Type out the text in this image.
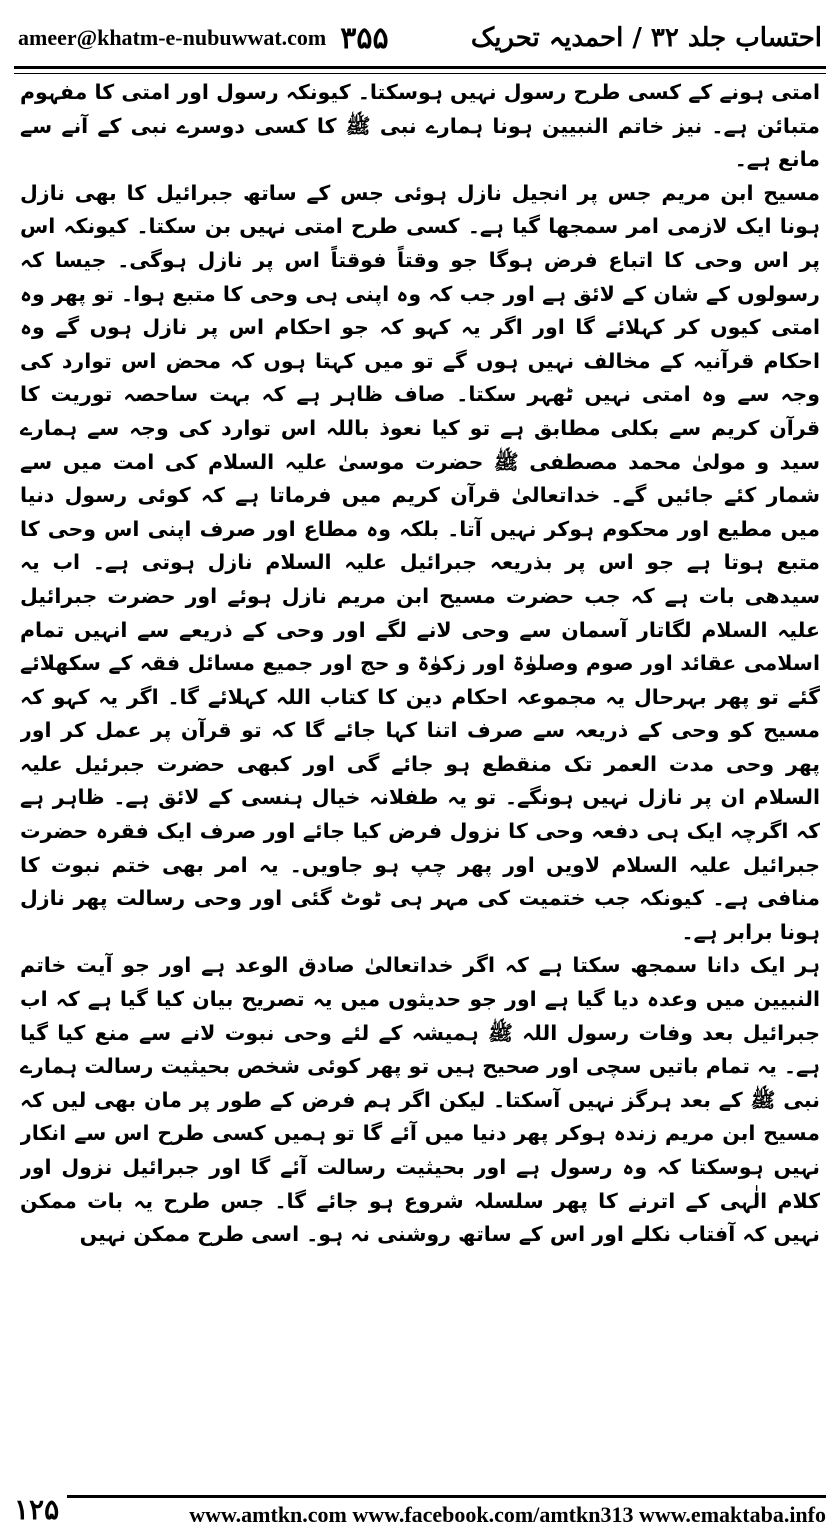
ameer@khatm-e-nubuwwat.com ۳۵۵	احتساب جلد ۳۲ / احمدیہ تحریک

امتی ہونے کے کسی طرح رسول نہیں ہوسکتا۔ کیونکہ رسول اور امتی کا مفہوم متبائن ہے۔ نیز خاتم النبیین ہونا ہمارے نبی ﷺ کا کسی دوسرے نبی کے آنے سے مانع ہے۔

مسیح ابن مریم جس پر انجیل نازل ہوئی جس کے ساتھ جبرائیل کا بھی نازل ہونا ایک لازمی امر سمجھا گیا ہے۔ کسی طرح امتی نہیں بن سکتا۔ کیونکہ اس پر اس وحی کا اتباع فرض ہوگا جو وقتاً فوقتاً اس پر نازل ہوگی۔ جیسا کہ رسولوں کے شان کے لائق ہے اور جب کہ وہ اپنی ہی وحی کا متبع ہوا۔ تو پھر وہ امتی کیوں کر کہلائے گا اور اگر یہ کہو کہ جو احکام اس پر نازل ہوں گے وہ احکام قرآنیہ کے مخالف نہیں ہوں گے تو میں کہتا ہوں کہ محض اس توارد کی وجہ سے وہ امتی نہیں ٹھہر سکتا۔ صاف ظاہر ہے کہ بہت ساحصہ توریت کا قرآن کریم سے بکلی مطابق ہے تو کیا نعوذ باللہ اس توارد کی وجہ سے ہمارے سید و مولیٰ محمد مصطفی ﷺ حضرت موسیٰ علیہ السلام کی امت میں سے شمار کئے جائیں گے۔ خداتعالیٰ قرآن کریم میں فرماتا ہے کہ کوئی رسول دنیا میں مطیع اور محکوم ہوکر نہیں آتا۔ بلکہ وہ مطاع اور صرف اپنی اس وحی کا متبع ہوتا ہے جو اس پر بذریعہ جبرائیل علیہ السلام نازل ہوتی ہے۔ اب یہ سیدھی بات ہے کہ جب حضرت مسیح ابن مریم نازل ہوئے اور حضرت جبرائیل علیہ السلام لگاتار آسمان سے وحی لانے لگے اور وحی کے ذریعے سے انہیں تمام اسلامی عقائد اور صوم وصلوٰۃ اور زکوٰۃ و حج اور جمیع مسائل فقہ کے سکھلائے گئے تو پھر بہرحال یہ مجموعہ احکام دین کا کتاب اللہ کہلائے گا۔ اگر یہ کہو کہ مسیح کو وحی کے ذریعہ سے صرف اتنا کہا جائے گا کہ تو قرآن پر عمل کر اور پھر وحی مدت العمر تک منقطع ہو جائے گی اور کبھی حضرت جبرئیل علیہ السلام ان پر نازل نہیں ہونگے۔ تو یہ طفلانہ خیال ہنسی کے لائق ہے۔ ظاہر ہے کہ اگرچہ ایک ہی دفعہ وحی کا نزول فرض کیا جائے اور صرف ایک فقرہ حضرت جبرائیل علیہ السلام لاویں اور پھر چپ ہو جاویں۔ یہ امر بھی ختم نبوت کا منافی ہے۔ کیونکہ جب ختمیت کی مہر ہی ٹوٹ گئی اور وحی رسالت پھر نازل ہونا برابر ہے۔

ہر ایک دانا سمجھ سکتا ہے کہ اگر خداتعالیٰ صادق الوعد ہے اور جو آیت خاتم النبیین میں وعدہ دیا گیا ہے اور جو حدیثوں میں یہ تصریح بیان کیا گیا ہے کہ اب جبرائیل بعد وفات رسول اللہ ﷺ ہمیشہ کے لئے وحی نبوت لانے سے منع کیا گیا ہے۔ یہ تمام باتیں سچی اور صحیح ہیں تو پھر کوئی شخص بحیثیت رسالت ہمارے نبی ﷺ کے بعد ہرگز نہیں آسکتا۔ لیکن اگر ہم فرض کے طور پر مان بھی لیں کہ مسیح ابن مریم زندہ ہوکر پھر دنیا میں آئے گا تو ہمیں کسی طرح اس سے انکار نہیں ہوسکتا کہ وہ رسول ہے اور بحیثیت رسالت آئے گا اور جبرائیل نزول اور کلام الٰہی کے اترنے کا پھر سلسلہ شروع ہو جائے گا۔ جس طرح یہ بات ممکن نہیں کہ آفتاب نکلے اور اس کے ساتھ روشنی نہ ہو۔ اسی طرح ممکن نہیں

۱۲۵	www.amtkn.com www.facebook.com/amtkn313 www.emaktaba.info
